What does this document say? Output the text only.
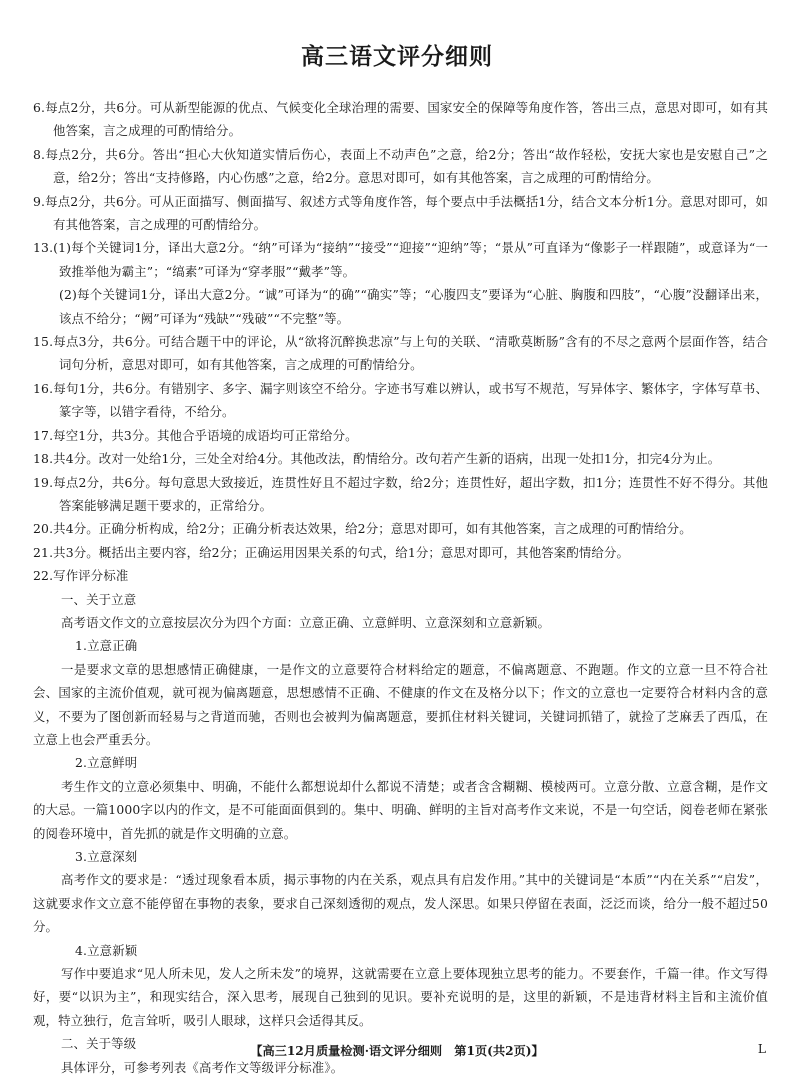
高三语文评分细则

6.每点2分，共6分。可从新型能源的优点、气候变化全球治理的需要、国家安全的保障等角度作答，答出三点，意思对即可，如有其他答案，言之成理的可酌情给分。

8.每点2分，共6分。答出“担心大伙知道实情后伤心，表面上不动声色”之意，给2分；答出“故作轻松，安抚大家也是安慰自己”之意，给2分；答出“支持修路，内心伤感”之意，给2分。意思对即可，如有其他答案，言之成理的可酌情给分。

9.每点2分，共6分。可从正面描写、侧面描写、叙述方式等角度作答，每个要点中手法概括1分，结合文本分析1分。意思对即可，如有其他答案，言之成理的可酌情给分。

13.(1)每个关键词1分，译出大意2分。“纳”可译为“接纳”“接受”“迎接”“迎纳”等；“景从”可直译为“像影子一样跟随”，或意译为“一致推举他为霸主”；“缟素”可译为“穿孝服”“戴孝”等。

(2)每个关键词1分，译出大意2分。“诚”可译为“的确”“确实”等；“心腹四支”要译为“心脏、胸腹和四肢”，“心腹”没翻译出来，该点不给分；“阙”可译为“残缺”“残破”“不完整”等。

15.每点3分，共6分。可结合题干中的评论，从“欲将沉醉换悲凉”与上句的关联、“清歌莫断肠”含有的不尽之意两个层面作答，结合词句分析，意思对即可，如有其他答案，言之成理的可酌情给分。

16.每句1分，共6分。有错别字、多字、漏字则该空不给分。字迹书写难以辨认，或书写不规范，写异体字、繁体字，字体写草书、篆字等，以错字看待，不给分。

17.每空1分，共3分。其他合乎语境的成语均可正常给分。

18.共4分。改对一处给1分，三处全对给4分。其他改法，酌情给分。改句若产生新的语病，出现一处扣1分，扣完4分为止。

19.每点2分，共6分。每句意思大致接近，连贯性好且不超过字数，给2分；连贯性好，超出字数，扣1分；连贯性不好不得分。其他答案能够满足题干要求的，正常给分。

20.共4分。正确分析构成，给2分；正确分析表达效果，给2分；意思对即可，如有其他答案，言之成理的可酌情给分。

21.共3分。概括出主要内容，给2分；正确运用因果关系的句式，给1分；意思对即可，其他答案酌情给分。

22.写作评分标准

一、关于立意

高考语文作文的立意按层次分为四个方面：立意正确、立意鲜明、立意深刻和立意新颖。

1.立意正确

一是要求文章的思想感情正确健康，一是作文的立意要符合材料给定的题意，不偏离题意、不跑题。作文的立意一旦不符合社会、国家的主流价值观，就可视为偏离题意，思想感情不正确、不健康的作文在及格分以下；作文的立意也一定要符合材料内含的意义，不要为了图创新而轻易与之背道而驰，否则也会被判为偏离题意，要抓住材料关键词，关键词抓错了，就捡了芝麻丢了西瓜，在立意上也会严重丢分。

2.立意鲜明

考生作文的立意必须集中、明确，不能什么都想说却什么都说不清楚；或者含含糊糊、模棱两可。立意分散、立意含糊，是作文的大忌。一篇1000字以内的作文，是不可能面面俱到的。集中、明确、鲜明的主旨对高考作文来说，不是一句空话，阅卷老师在紧张的阅卷环境中，首先抓的就是作文明确的立意。

3.立意深刻

高考作文的要求是：“透过现象看本质，揭示事物的内在关系，观点具有启发作用。”其中的关键词是“本质”“内在关系”“启发”，这就要求作文立意不能停留在事物的表象，要求自己深刻透彻的观点，发人深思。如果只停留在表面，泛泛而谈，给分一般不超过50分。

4.立意新颖

写作中要追求“见人所未见，发人之所未发”的境界，这就需要在立意上要体现独立思考的能力。不要套作，千篇一律。作文写得好，要“以识为主”，和现实结合，深入思考，展现自己独到的见识。要补充说明的是，这里的新颖，不是违背材料主旨和主流价值观，特立独行，危言耸听，吸引人眼球，这样只会适得其反。

二、关于等级

具体评分，可参考列表《高考作文等级评分标准》。

【高三12月质量检测·语文评分细则　第1页(共2页)】	L
